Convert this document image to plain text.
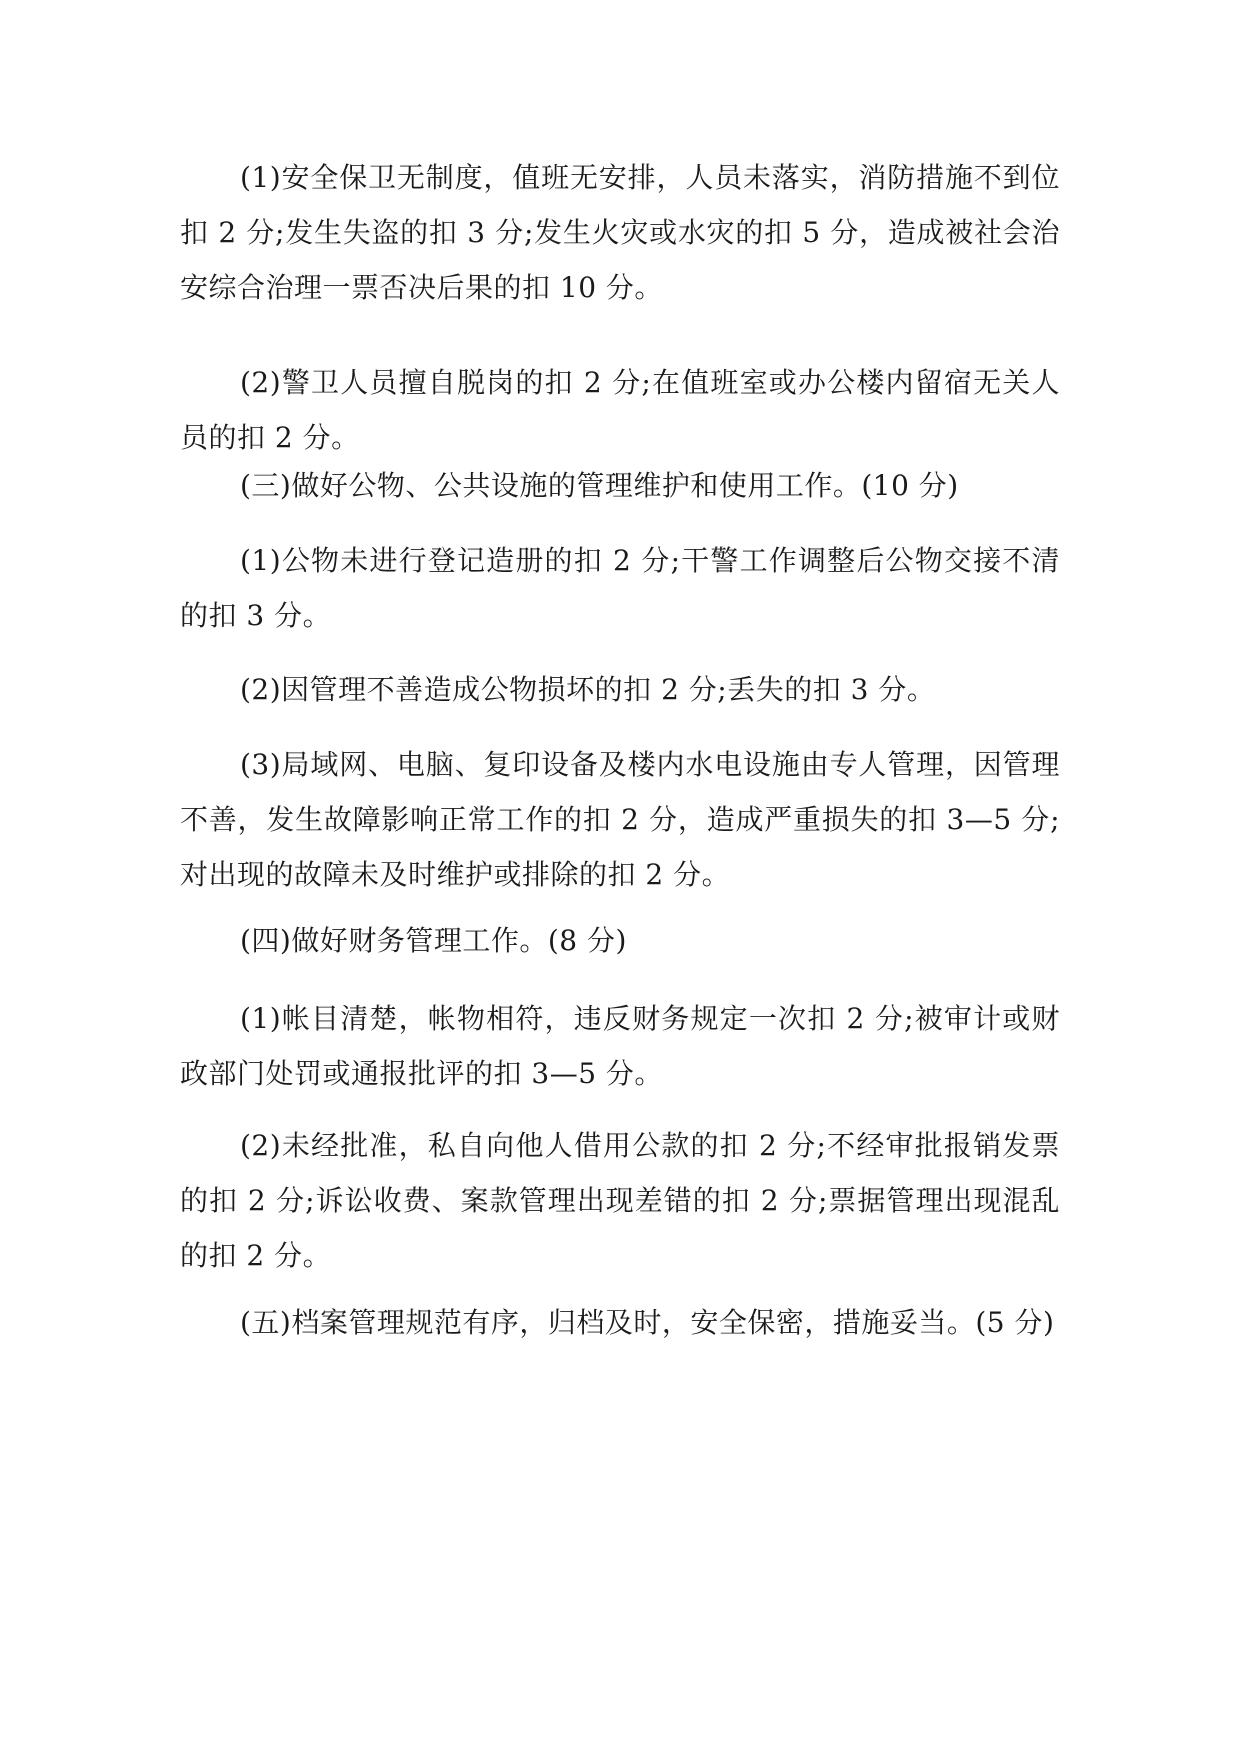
(1)安全保卫无制度，值班无安排，人员未落实，消防措施不到位扣 2 分;发生失盗的扣 3 分;发生火灾或水灾的扣 5 分，造成被社会治安综合治理一票否决后果的扣 10 分。

(2)警卫人员擅自脱岗的扣 2 分;在值班室或办公楼内留宿无关人员的扣 2 分。

(三)做好公物、公共设施的管理维护和使用工作。(10 分)

(1)公物未进行登记造册的扣 2 分;干警工作调整后公物交接不清的扣 3 分。

(2)因管理不善造成公物损坏的扣 2 分;丢失的扣 3 分。

(3)局域网、电脑、复印设备及楼内水电设施由专人管理，因管理不善，发生故障影响正常工作的扣 2 分，造成严重损失的扣 3—5 分;对出现的故障未及时维护或排除的扣 2 分。

(四)做好财务管理工作。(8 分)

(1)帐目清楚，帐物相符，违反财务规定一次扣 2 分;被审计或财政部门处罚或通报批评的扣 3—5 分。

(2)未经批准，私自向他人借用公款的扣 2 分;不经审批报销发票的扣 2 分;诉讼收费、案款管理出现差错的扣 2 分;票据管理出现混乱的扣 2 分。

(五)档案管理规范有序，归档及时，安全保密，措施妥当。(5 分)
